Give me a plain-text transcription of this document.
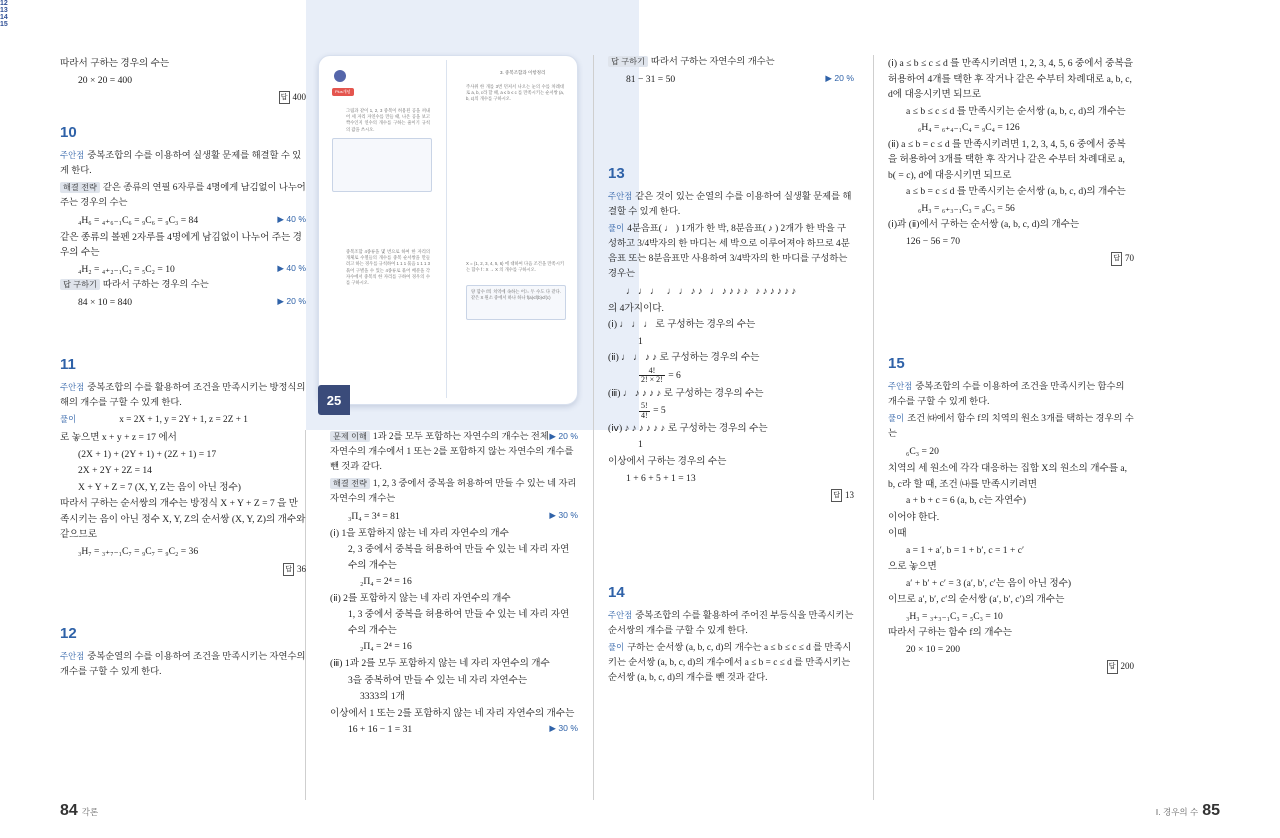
3. 중복조합과 이항정리
Plus개념
12
그림과 같이 1, 2, 3 중복이 허용된 공을 꺼내어 세 자리 자연수를 만들 때, 나온 공을 보고 짝수인지 연수의 개수를 구하는 줄이기 규칙의 값을 쓰시오.
13
중복조합 4종류을 몇 번으로 하여 한 자리의 개체로 수열들의 개수를 중복 순서쌍을 만들려고 하는 경우를 규칙하여 1 1 1 묶음 1 1 1 3 묶어 구별을 수 있는 4종류로 묶어 배분을 각 자수에서 중복의 한 자리를 구하여 경우의 수를 구하시오.
14
주사위 한 개를 3번 던져서 나오는 눈의 수를 차례대로 a, b, c라 할 때, a ≤ b ≤ c 를 만족시키는 순서쌍 (a, b, c)의 개수를 구하시오.
15
X = {1, 2, 3, 4, 5, 6} 에 대하여 다음 조건을 만족시키는 함수 f : X → X 의 개수를 구하시오.
양 함수 f의 치역에 속하는 어느 두 수도 다 같다. 같은 X 원소 중에서 하나 하나 f(a)≤f(b)≤f(c)
25
따라서 구하는 경우의 수는
20 × 20 = 400
답 400
10
주안점 중복조합의 수를 이용하여 실생활 문제를 해결할 수 있게 한다.
해결 전략 같은 종류의 연필 6자루를 4명에게 남김없이 나누어 주는 경우의 수는
▶ 40 %
₄H₆ = ₄₊₆₋₁C₆ = ₉C₆ = ₉C₃ = 84
같은 종류의 볼펜 2자루를 4명에게 남김없이 나누어 주는 경우의 수는
▶ 40 %
₄H₂ = ₄₊₂₋₁C₂ = ₅C₂ = 10
답 구하기 따라서 구하는 경우의 수는
▶ 20 %
84 × 10 = 840
11
주안점 중복조합의 수를 활용하여 조건을 만족시키는 방정식의 해의 개수를 구할 수 있게 한다.
풀이	x = 2X + 1, y = 2Y + 1, z = 2Z + 1
로 놓으면 x + y + z = 17 에서
(2X + 1) + (2Y + 1) + (2Z + 1) = 17
2X + 2Y + 2Z = 14
X + Y + Z = 7 (X, Y, Z는 음이 아닌 정수)
따라서 구하는 순서쌍의 개수는 방정식 X + Y + Z = 7 을 만족시키는 음이 아닌 정수 X, Y, Z의 순서쌍 (X, Y, Z)의 개수와 같으므로
₃H₇ = ₃₊₇₋₁C₇ = ₉C₇ = ₉C₂ = 36
답 36
12
주안점 중복순열의 수를 이용하여 조건을 만족시키는 자연수의 개수를 구할 수 있게 한다.
▶ 20 %
문제 이해 1과 2를 모두 포함하는 자연수의 개수는 전체 자연수의 개수에서 1 또는 2를 포함하지 않는 자연수의 개수를 뺀 것과 같다.
해결 전략 1, 2, 3 중에서 중복을 허용하여 만들 수 있는 네 자리 자연수의 개수는
▶ 30 %
₃Π₄ = 3⁴ = 81
(ⅰ) 1을 포함하지 않는 네 자리 자연수의 개수
2, 3 중에서 중복을 허용하여 만들 수 있는 네 자리 자연수의 개수는
₂Π₄ = 2⁴ = 16
(ⅱ) 2를 포함하지 않는 네 자리 자연수의 개수
1, 3 중에서 중복을 허용하여 만들 수 있는 네 자리 자연수의 개수는
₂Π₄ = 2⁴ = 16
(ⅲ) 1과 2를 모두 포함하지 않는 네 자리 자연수의 개수
3을 중복하여 만들 수 있는 네 자리 자연수는
3333의 1개
이상에서 1 또는 2를 포함하지 않는 네 자리 자연수의 개수는
▶ 30 %
16 + 16 − 1 = 31
답 구하기 따라서 구하는 자연수의 개수는
▶ 20 %
81 − 31 = 50
13
주안점 같은 것이 있는 순열의 수를 이용하여 실생활 문제를 해결할 수 있게 한다.
풀이 4분음표( ♩ ) 1개가 한 박, 8분음표( ♪ ) 2개가 한 박을 구성하고 3/4박자의 한 마디는 세 박으로 이루어져야 하므로 4분음표 또는 8분음표만 사용하여 3/4박자의 한 마디를 구성하는 경우는
♩ ♩ ♩ ♩ ♩ ♪ ♪ ♩ ♪ ♪ ♪ ♪ ♪ ♪ ♪ ♪ ♪ ♪
의 4가지이다.
(ⅰ) ♩ ♩ ♩ 로 구성하는 경우의 수는
1
(ⅱ) ♩ ♩ ♪ ♪ 로 구성하는 경우의 수는
$\frac{4!}{2! \times 2!} = 6$
(ⅲ) ♩ ♪ ♪ ♪ ♪ 로 구성하는 경우의 수는
$\frac{5!}{4!} = 5$
(ⅳ) ♪ ♪ ♪ ♪ ♪ ♪ 로 구성하는 경우의 수는
1
이상에서 구하는 경우의 수는
1 + 6 + 5 + 1 = 13
답 13
14
주안점 중복조합의 수를 활용하여 주어진 부등식을 만족시키는 순서쌍의 개수를 구할 수 있게 한다.
풀이 구하는 순서쌍 (a, b, c, d)의 개수는 a ≤ b ≤ c ≤ d 를 만족시키는 순서쌍 (a, b, c, d)의 개수에서 a ≤ b = c ≤ d 를 만족시키는 순서쌍 (a, b, c, d)의 개수를 뺀 것과 같다.
(ⅰ) a ≤ b ≤ c ≤ d 를 만족시키려면 1, 2, 3, 4, 5, 6 중에서 중복을 허용하여 4개를 택한 후 작거나 같은 수부터 차례대로 a, b, c, d에 대응시키면 되므로
a ≤ b ≤ c ≤ d 를 만족시키는 순서쌍 (a, b, c, d)의 개수는
₆H₄ = ₆₊₄₋₁C₄ = ₉C₄ = 126
(ⅱ) a ≤ b = c ≤ d 를 만족시키려면 1, 2, 3, 4, 5, 6 중에서 중복을 허용하여 3개를 택한 후 작거나 같은 수부터 차례대로 a, b( = c), d에 대응시키면 되므로
a ≤ b = c ≤ d 를 만족시키는 순서쌍 (a, b, c, d)의 개수는
₆H₃ = ₆₊₃₋₁C₃ = ₈C₃ = 56
(ⅰ)과 (ⅱ)에서 구하는 순서쌍 (a, b, c, d)의 개수는
126 − 56 = 70
답 70
15
주안점 중복조합의 수를 이용하여 조건을 만족시키는 함수의 개수를 구할 수 있게 한다.
풀이 조건 ㈐에서 함수 f의 치역의 원소 3개를 택하는 경우의 수는
₆C₃ = 20
치역의 세 원소에 각각 대응하는 집합 X의 원소의 개수를 a, b, c라 할 때, 조건 ㈏를 만족시키려면
a + b + c = 6 (a, b, c는 자연수)
이어야 한다.
이때
a = 1 + a′, b = 1 + b′, c = 1 + c′
으로 놓으면
a′ + b′ + c′ = 3 (a′, b′, c′는 음이 아닌 정수)
이므로 a′, b′, c′의 순서쌍 (a′, b′, c′)의 개수는
₃H₃ = ₃₊₃₋₁C₃ = ₅C₃ = 10
따라서 구하는 함수 f의 개수는
20 × 10 = 200
답 200
84 각론	Ⅰ. 경우의 수 85
